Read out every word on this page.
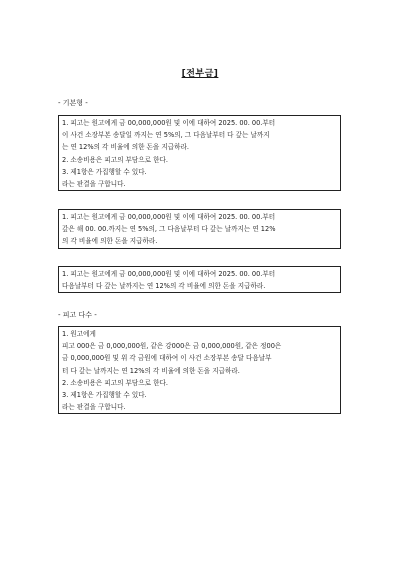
[전부금]
- 기본형 -
1. 피고는 원고에게 금 00,000,000원 및 이에 대하여 2025. 00. 00.부터
이 사건 소장부본 송달일 까지는 연 5%의, 그 다음날부터 다 갚는 날까지
는 연 12%의 각 비율에 의한 돈을 지급하라.
2. 소송비용은 피고의 부담으로 한다.
3. 제1항은 가집행할 수 있다.
라는 판결을 구합니다.
1. 피고는 원고에게 금 00,000,000원 및 이에 대하여 2025. 00. 00.부터
갚은 해 00. 00.까지는 연 5%의, 그 다음날부터 다 갚는 날까지는 연 12%
의 각 비율에 의한 돈을 지급하라.
1. 피고는 원고에게 금 00,000,000원 및 이에 대하여 2025. 00. 00.부터
다음날부터 다 갚는 날까지는 연 12%의 각 비율에 의한 돈을 지급하라.
- 피고 다수 -
1. 원고에게
피고 000은 금 0,000,000원, 같은 강000은 금 0,000,000원, 같은 정00은
금 0,000,000원 및 위 각 금원에 대하여 이 사건 소장부본 송달 다음날부
터 다 갚는 날까지는 연 12%의 각 비율에 의한 돈을 지급하라.
2. 소송비용은 피고의 부담으로 한다.
3. 제1항은 가집행할 수 있다.
라는 판결을 구합니다.
